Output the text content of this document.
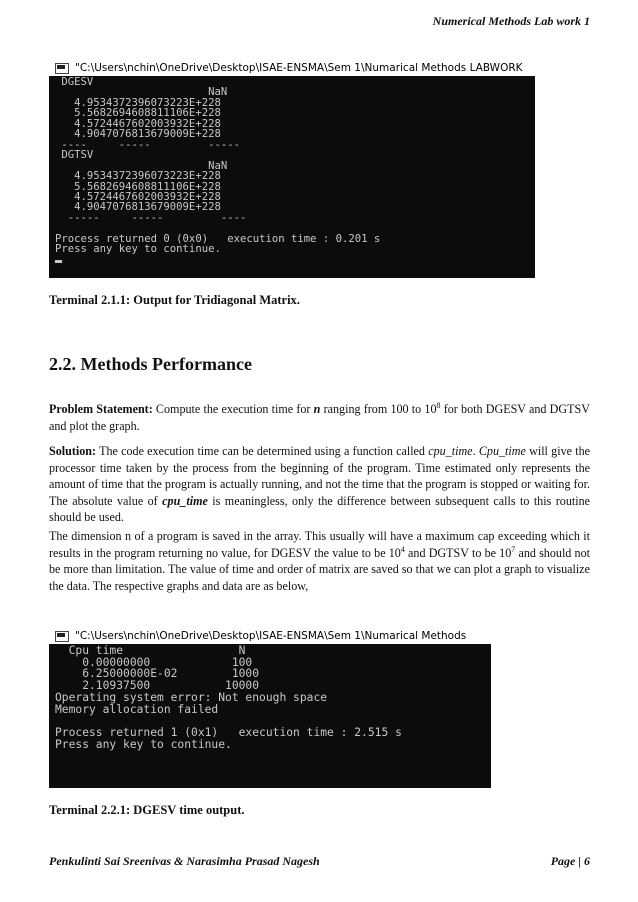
Numerical Methods Lab work 1
"C:\Users\nchin\OneDrive\Desktop\ISAE-ENSMA\Sem 1\Numarical Methods LABWORK
DGESV
NaN
4.9534372396073223E+228
5.5682694608811106E+228
4.5724467602003932E+228
4.9047076813679009E+228
----     -----         -----
DGTSV
NaN
4.9534372396073223E+228
5.5682694608811106E+228
4.5724467602003932E+228
4.9047076813679009E+228
-----     -----         ----

Process returned 0 (0x0)   execution time : 0.201 s
Press any key to continue.

Terminal 2.1.1: Output for Tridiagonal Matrix.
2.2. Methods Performance

Problem Statement: Compute the execution time for n ranging from 100 to $10^8$ for both DGESV and DGTSV and plot the graph.

Solution: The code execution time can be determined using a function called cpu_time. Cpu_time will give the processor time taken by the process from the beginning of the program. Time estimated only represents the amount of time that the program is actually running, and not the time that the program is stopped or waiting for. The absolute value of cpu_time is meaningless, only the difference between subsequent calls to this routine should be used.

The dimension n of a program is saved in the array. This usually will have a maximum cap exceeding which it results in the program returning no value, for DGESV the value to be $10^4$ and DGTSV to be $10^7$ and should not be more than limitation. The value of time and order of matrix are saved so that we can plot a graph to visualize the data. The respective graphs and data are as below,

"C:\Users\nchin\OneDrive\Desktop\ISAE-ENSMA\Sem 1\Numarical Methods
Cpu time                 N
0.00000000            100
6.25000000E-02        1000
2.10937500           10000
Operating system error: Not enough space
Memory allocation failed

Process returned 1 (0x1)   execution time : 2.515 s
Press any key to continue.
Terminal 2.2.1: DGESV time output.
Penkulinti Sai Sreenivas & Narasimha Prasad Nagesh	Page | 6
